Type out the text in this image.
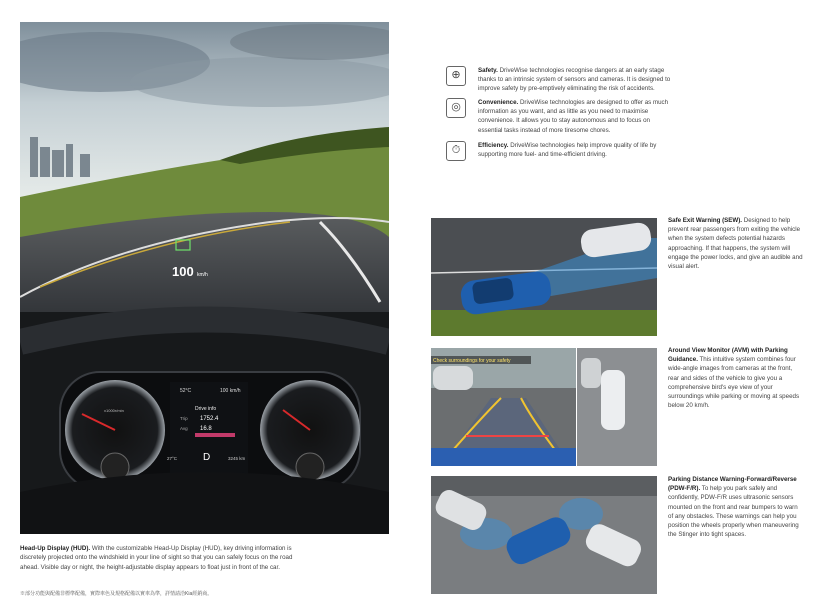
100 km/h
x1000r/min
52°C	100 km/h
Drive info
Trip 1752.4
Avg 16.8
D
27°C	3245 km

Head-Up Display (HUD). With the customizable Head-Up Display (HUD), key driving information is discretely projected onto the windshield in your line of sight so that you can safely focus on the road ahead. Visible day or night, the height-adjustable display appears to float just in front of the car.

※部分功能與配備非標準配備，實際車色及規格配備以實車為準，詳情請洽Kia經銷商。

⊕	Safety. DriveWise technologies recognise dangers at an early stage thanks to an intrinsic system of sensors and cameras. It is designed to improve safety by pre-emptively eliminating the risk of accidents.

◎	Convenience. DriveWise technologies are designed to offer as much information as you want, and as little as you need to maximise convenience. It allows you to stay autonomous and to focus on essential tasks instead of more tiresome chores.

⏱	Efficiency. DriveWise technologies help improve quality of life by supporting more fuel- and time-efficient driving.

Safe Exit Warning (SEW). Designed to help prevent rear passengers from exiting the vehicle when the system defects potential hazards approaching. If that happens, the system will engage the power locks, and give an audible and visual alert.

Check surroundings for your safety

Around View Monitor (AVM) with Parking Guidance. This intuitive system combines four wide-angle images from cameras at the front, rear and sides of the vehicle to give you a comprehensive bird's eye view of your surroundings while parking or moving at speeds below 20 km/h.

Parking Distance Warning-Forward/Reverse (PDW-F/R). To help you park safely and confidently, PDW-F/R uses ultrasonic sensors mounted on the front and rear bumpers to warn of any obstacles. These warnings can help you position the wheels properly when maneuvering the Stinger into tight spaces.
